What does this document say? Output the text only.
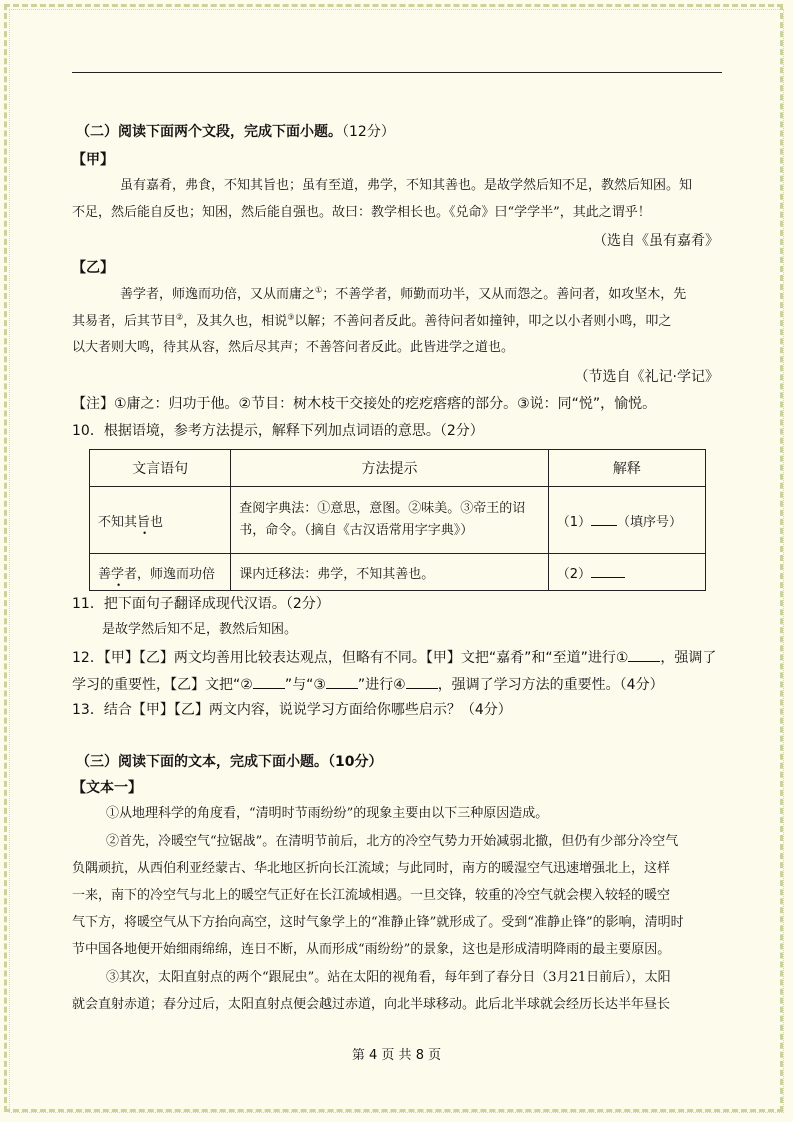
（二）阅读下面两个文段，完成下面小题。（12分）
【甲】
虽有嘉肴，弗食，不知其旨也；虽有至道，弗学，不知其善也。是故学然后知不足，教然后知困。知
不足，然后能自反也；知困，然后能自强也。故曰：教学相长也。《兑命》曰“学学半”，其此之谓乎！
（选自《虽有嘉肴》
【乙】
善学者，师逸而功倍，又从而庸之①；不善学者，师勤而功半，又从而怨之。善问者，如攻坚木，先
其易者，后其节目②，及其久也，相说③以解；不善问者反此。善待问者如撞钟，叩之以小者则小鸣，叩之
以大者则大鸣，待其从容，然后尽其声；不善答问者反此。此皆进学之道也。
（节选自《礼记·学记》
【注】①庸之：归功于他。②节目：树木枝干交接处的疙疙瘩瘩的部分。③说：同“悦”，愉悦。
10．根据语境，参考方法提示，解释下列加点词语的意思。（2分）
文言语句	方法提示	解释
不知其旨也	查阅字典法：①意思，意图。②味美。③帝王的诏
书，命令。（摘自《古汉语常用字字典》）	（1） （填序号）
善学者，师逸而功倍	课内迁移法：弗学，不知其善也。	（2）
11．把下面句子翻译成现代汉语。（2分）
是故学然后知不足，教然后知困。
12．【甲】【乙】两文均善用比较表达观点，但略有不同。【甲】文把“嘉肴”和“至道”进行① ，强调了
学习的重要性，【乙】文把“② ”与“③ ”进行④ ，强调了学习方法的重要性。（4分）
13．结合【甲】【乙】两文内容，说说学习方面给你哪些启示？（4分）
（三）阅读下面的文本，完成下面小题。（10分）
【文本一】
①从地理科学的角度看，“清明时节雨纷纷”的现象主要由以下三种原因造成。
②首先，冷暖空气“拉锯战”。在清明节前后，北方的冷空气势力开始减弱北撤，但仍有少部分冷空气
负隅顽抗，从西伯利亚经蒙古、华北地区折向长江流域；与此同时，南方的暖湿空气迅速增强北上，这样
一来，南下的冷空气与北上的暖空气正好在长江流域相遇。一旦交锋，较重的冷空气就会楔入较轻的暖空
气下方，将暖空气从下方抬向高空，这时气象学上的“准静止锋”就形成了。受到“准静止锋”的影响，清明时
节中国各地便开始细雨绵绵，连日不断，从而形成“雨纷纷”的景象，这也是形成清明降雨的最主要原因。
③其次，太阳直射点的两个“跟屁虫”。站在太阳的视角看，每年到了春分日（3月21日前后），太阳
就会直射赤道；春分过后，太阳直射点便会越过赤道，向北半球移动。此后北半球就会经历长达半年昼长
第 4 页 共 8 页
